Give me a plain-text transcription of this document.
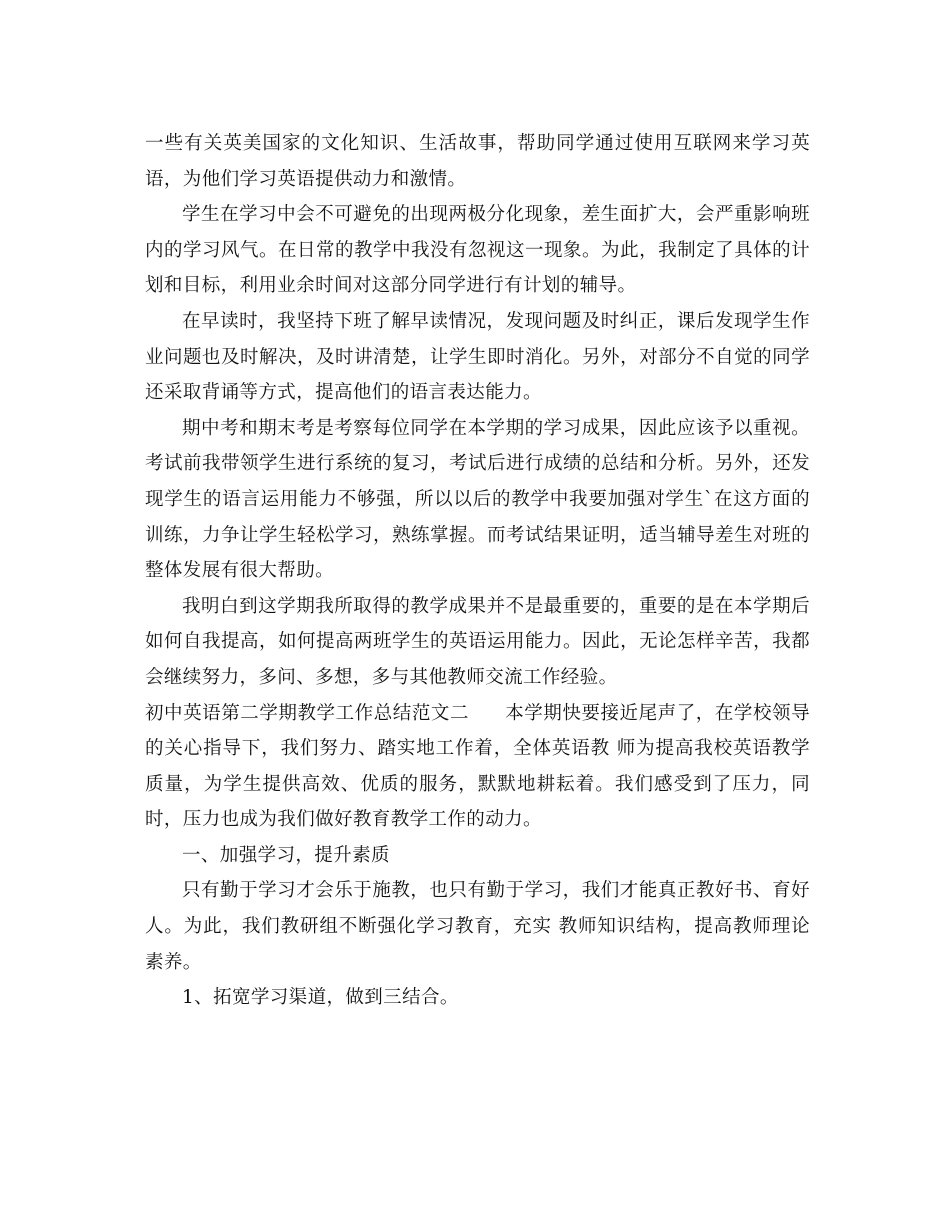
一些有关英美国家的文化知识、生活故事，帮助同学通过使用互联网来学习英语，为他们学习英语提供动力和激情。

学生在学习中会不可避免的出现两极分化现象，差生面扩大，会严重影响班内的学习风气。在日常的教学中我没有忽视这一现象。为此，我制定了具体的计划和目标，利用业余时间对这部分同学进行有计划的辅导。

在早读时，我坚持下班了解早读情况，发现问题及时纠正，课后发现学生作业问题也及时解决，及时讲清楚，让学生即时消化。另外，对部分不自觉的同学还采取背诵等方式，提高他们的语言表达能力。

期中考和期末考是考察每位同学在本学期的学习成果，因此应该予以重视。考试前我带领学生进行系统的复习，考试后进行成绩的总结和分析。另外，还发现学生的语言运用能力不够强，所以以后的教学中我要加强对学生`在这方面的训练，力争让学生轻松学习，熟练掌握。而考试结果证明，适当辅导差生对班的整体发展有很大帮助。

我明白到这学期我所取得的教学成果并不是最重要的，重要的是在本学期后如何自我提高，如何提高两班学生的英语运用能力。因此，无论怎样辛苦，我都会继续努力，多问、多想，多与其他教师交流工作经验。

初中英语第二学期教学工作总结范文二 本学期快要接近尾声了，在学校领导的关心指导下，我们努力、踏实地工作着，全体英语教 师为提高我校英语教学质量，为学生提供高效、优质的服务，默默地耕耘着。我们感受到了压力，同时，压力也成为我们做好教育教学工作的动力。

一、加强学习，提升素质

只有勤于学习才会乐于施教，也只有勤于学习，我们才能真正教好书、育好人。为此，我们教研组不断强化学习教育，充实 教师知识结构，提高教师理论素养。

1、拓宽学习渠道，做到三结合。
